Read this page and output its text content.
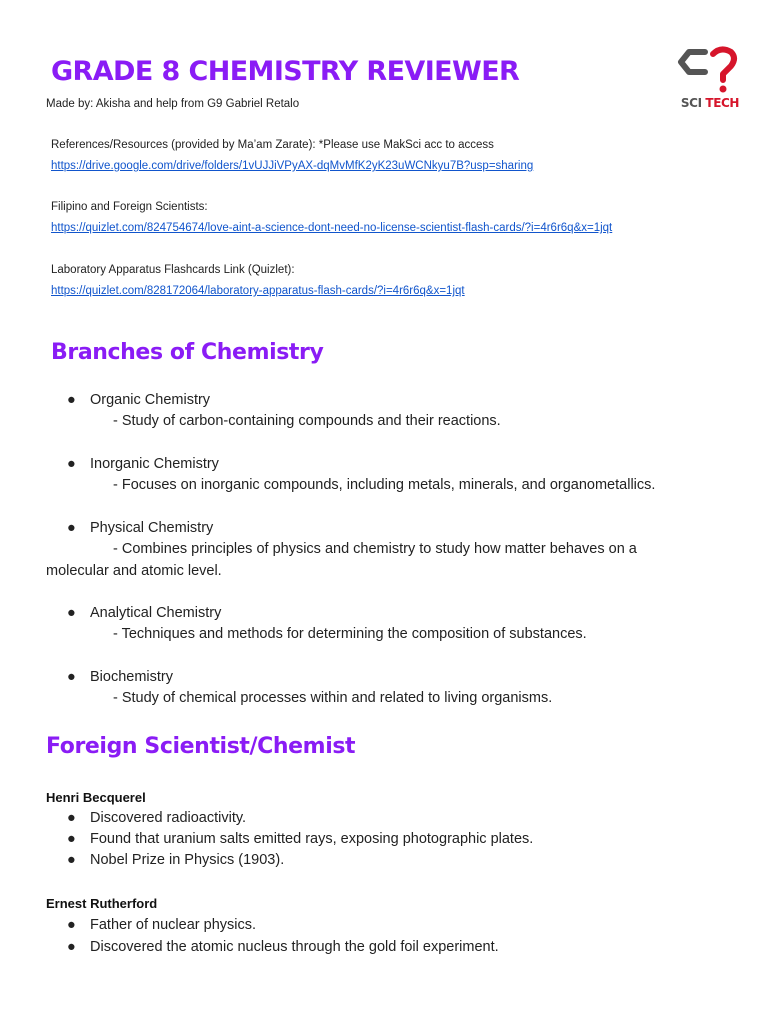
GRADE 8 CHEMISTRY REVIEWER
Made by: Akisha and help from G9 Gabriel Retalo	SCI TECH
References/Resources (provided by Ma’am Zarate): *Please use MakSci acc to access
https://drive.google.com/drive/folders/1vUJJiVPyAX-dqMvMfK2yK23uWCNkyu7B?usp=sharing
Filipino and Foreign Scientists:
https://quizlet.com/824754674/love-aint-a-science-dont-need-no-license-scientist-flash-cards/?i=4r6r6q&x=1jqt
Laboratory Apparatus Flashcards Link (Quizlet):
https://quizlet.com/828172064/laboratory-apparatus-flash-cards/?i=4r6r6q&x=1jqt
Branches of Chemistry
● Organic Chemistry
- Study of carbon-containing compounds and their reactions.
● Inorganic Chemistry
- Focuses on inorganic compounds, including metals, minerals, and organometallics.
● Physical Chemistry
- Combines principles of physics and chemistry to study how matter behaves on a
molecular and atomic level.
● Analytical Chemistry
- Techniques and methods for determining the composition of substances.
● Biochemistry
- Study of chemical processes within and related to living organisms.
Foreign Scientist/Chemist
Henri Becquerel
● Discovered radioactivity.
● Found that uranium salts emitted rays, exposing photographic plates.
● Nobel Prize in Physics (1903).
Ernest Rutherford
● Father of nuclear physics.
● Discovered the atomic nucleus through the gold foil experiment.
